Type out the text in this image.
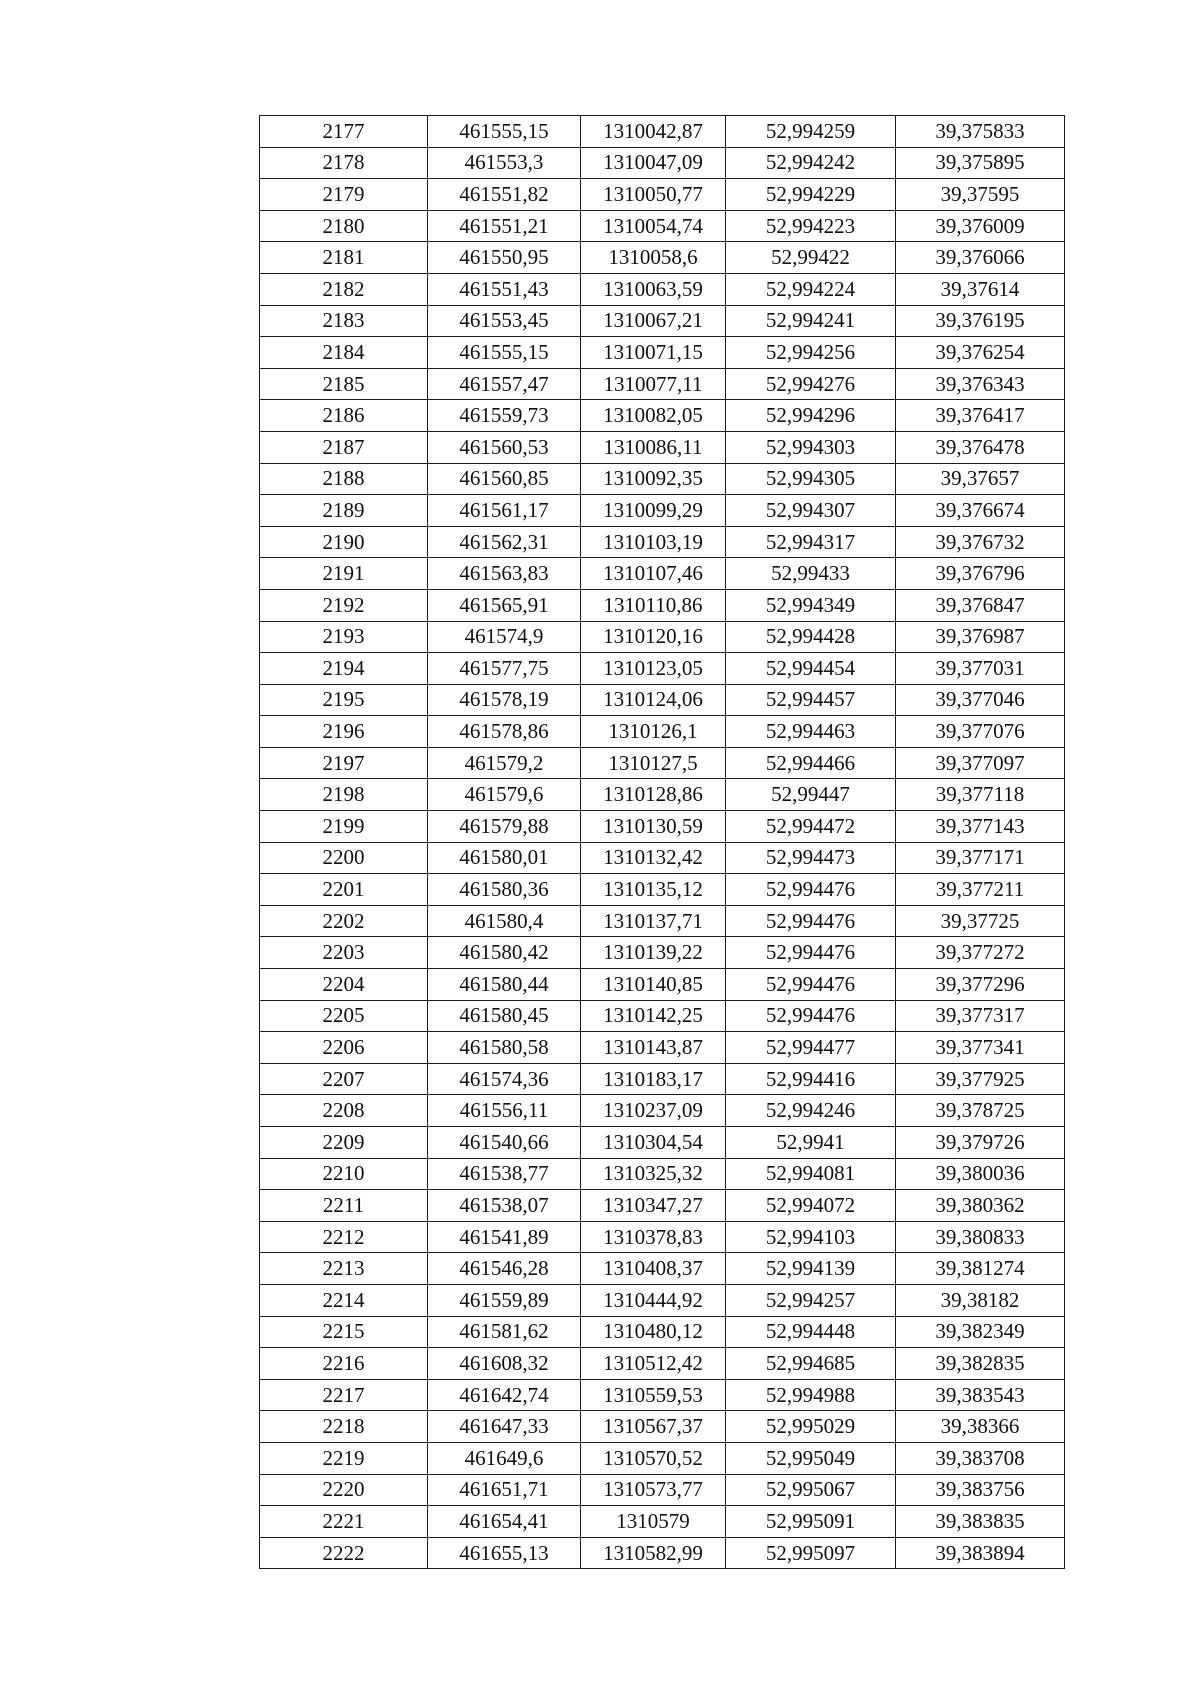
2177	461555,15	1310042,87	52,994259	39,375833
2178	461553,3	1310047,09	52,994242	39,375895
2179	461551,82	1310050,77	52,994229	39,37595
2180	461551,21	1310054,74	52,994223	39,376009
2181	461550,95	1310058,6	52,99422	39,376066
2182	461551,43	1310063,59	52,994224	39,37614
2183	461553,45	1310067,21	52,994241	39,376195
2184	461555,15	1310071,15	52,994256	39,376254
2185	461557,47	1310077,11	52,994276	39,376343
2186	461559,73	1310082,05	52,994296	39,376417
2187	461560,53	1310086,11	52,994303	39,376478
2188	461560,85	1310092,35	52,994305	39,37657
2189	461561,17	1310099,29	52,994307	39,376674
2190	461562,31	1310103,19	52,994317	39,376732
2191	461563,83	1310107,46	52,99433	39,376796
2192	461565,91	1310110,86	52,994349	39,376847
2193	461574,9	1310120,16	52,994428	39,376987
2194	461577,75	1310123,05	52,994454	39,377031
2195	461578,19	1310124,06	52,994457	39,377046
2196	461578,86	1310126,1	52,994463	39,377076
2197	461579,2	1310127,5	52,994466	39,377097
2198	461579,6	1310128,86	52,99447	39,377118
2199	461579,88	1310130,59	52,994472	39,377143
2200	461580,01	1310132,42	52,994473	39,377171
2201	461580,36	1310135,12	52,994476	39,377211
2202	461580,4	1310137,71	52,994476	39,37725
2203	461580,42	1310139,22	52,994476	39,377272
2204	461580,44	1310140,85	52,994476	39,377296
2205	461580,45	1310142,25	52,994476	39,377317
2206	461580,58	1310143,87	52,994477	39,377341
2207	461574,36	1310183,17	52,994416	39,377925
2208	461556,11	1310237,09	52,994246	39,378725
2209	461540,66	1310304,54	52,9941	39,379726
2210	461538,77	1310325,32	52,994081	39,380036
2211	461538,07	1310347,27	52,994072	39,380362
2212	461541,89	1310378,83	52,994103	39,380833
2213	461546,28	1310408,37	52,994139	39,381274
2214	461559,89	1310444,92	52,994257	39,38182
2215	461581,62	1310480,12	52,994448	39,382349
2216	461608,32	1310512,42	52,994685	39,382835
2217	461642,74	1310559,53	52,994988	39,383543
2218	461647,33	1310567,37	52,995029	39,38366
2219	461649,6	1310570,52	52,995049	39,383708
2220	461651,71	1310573,77	52,995067	39,383756
2221	461654,41	1310579	52,995091	39,383835
2222	461655,13	1310582,99	52,995097	39,383894
